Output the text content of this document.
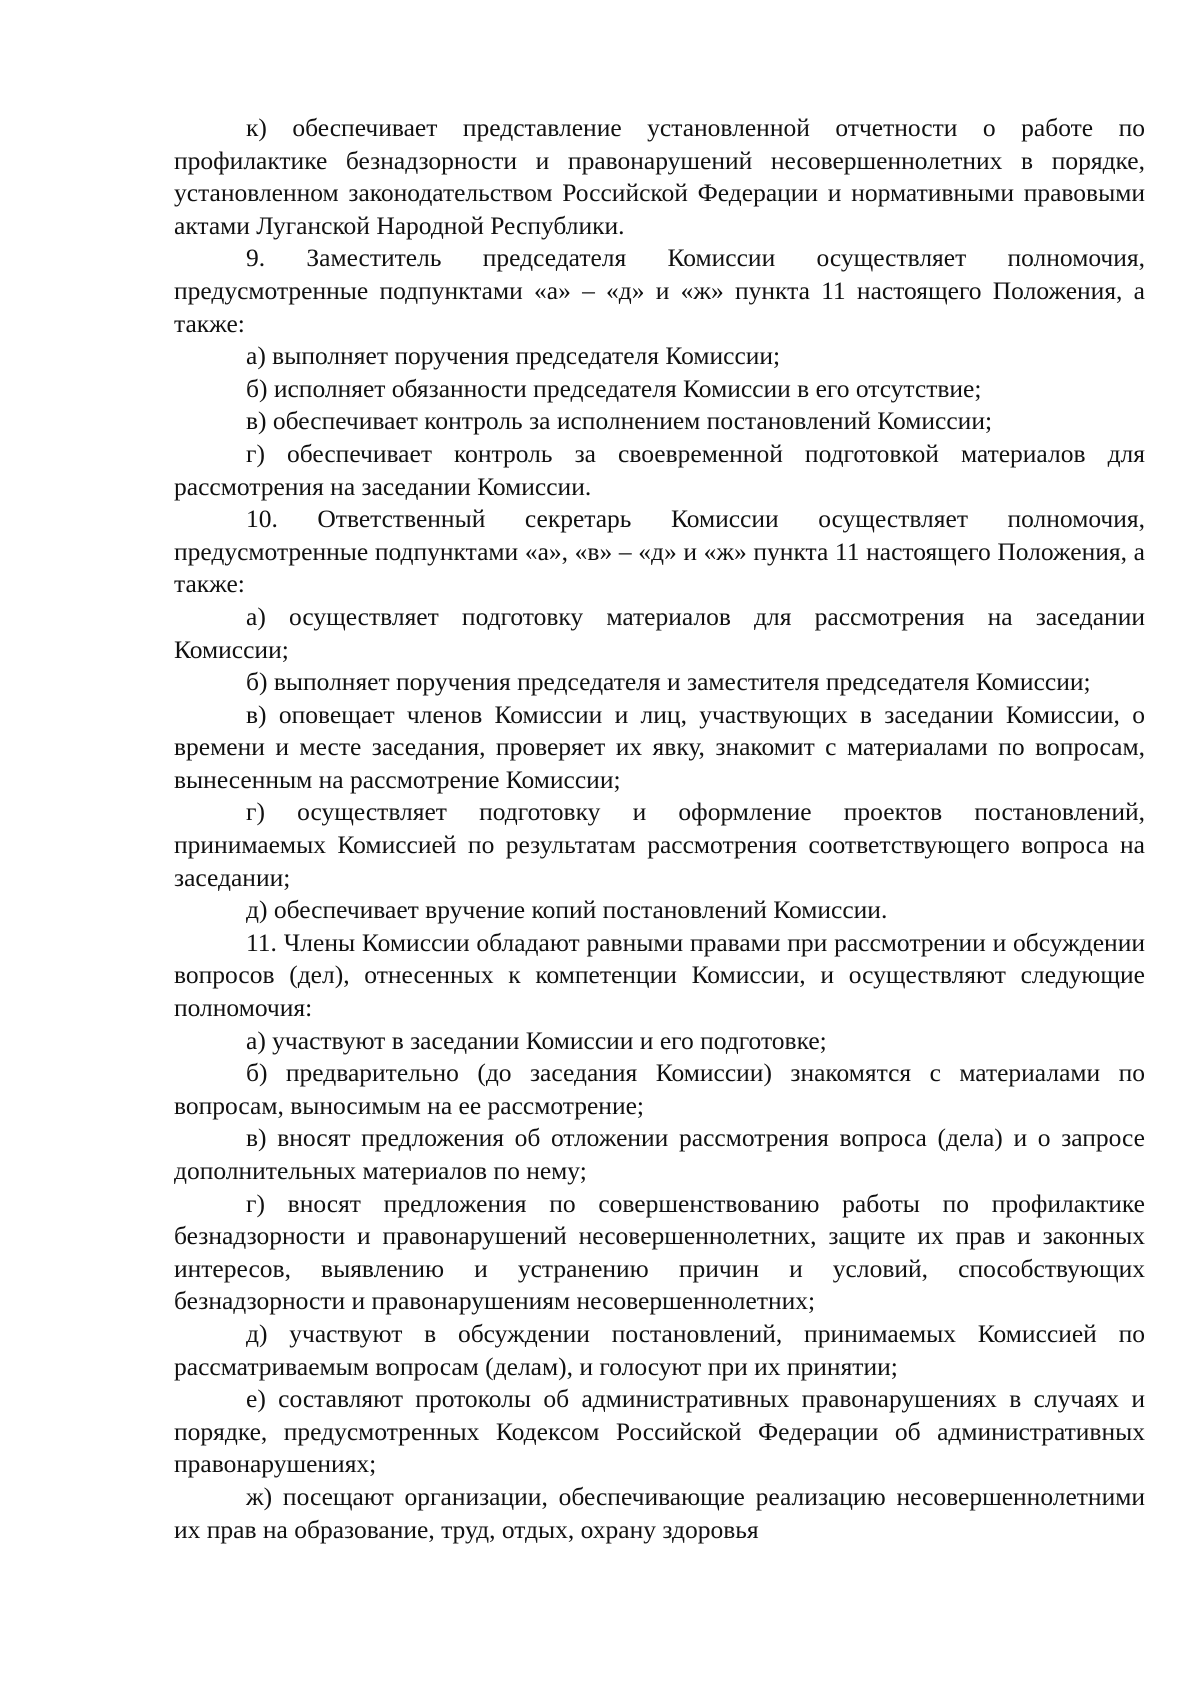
к) обеспечивает представление установленной отчетности о работе по профилактике безнадзорности и правонарушений несовершеннолетних в порядке, установленном законодательством Российской Федерации и нормативными правовыми актами Луганской Народной Республики.

9. Заместитель председателя Комиссии осуществляет полномочия, предусмотренные подпунктами «а» – «д» и «ж» пункта 11 настоящего Положения, а также:

а) выполняет поручения председателя Комиссии;

б) исполняет обязанности председателя Комиссии в его отсутствие;

в) обеспечивает контроль за исполнением постановлений Комиссии;

г) обеспечивает контроль за своевременной подготовкой материалов для рассмотрения на заседании Комиссии.

10. Ответственный секретарь Комиссии осуществляет полномочия, предусмотренные подпунктами «а», «в» – «д» и «ж» пункта 11 настоящего Положения, а также:

а) осуществляет подготовку материалов для рассмотрения на заседании Комиссии;

б) выполняет поручения председателя и заместителя председателя Комиссии;

в) оповещает членов Комиссии и лиц, участвующих в заседании Комиссии, о времени и месте заседания, проверяет их явку, знакомит с материалами по вопросам, вынесенным на рассмотрение Комиссии;

г) осуществляет подготовку и оформление проектов постановлений, принимаемых Комиссией по результатам рассмотрения соответствующего вопроса на заседании;

д) обеспечивает вручение копий постановлений Комиссии.

11. Члены Комиссии обладают равными правами при рассмотрении и обсуждении вопросов (дел), отнесенных к компетенции Комиссии, и осуществляют следующие полномочия:

а) участвуют в заседании Комиссии и его подготовке;

б) предварительно (до заседания Комиссии) знакомятся с материалами по вопросам, выносимым на ее рассмотрение;

в) вносят предложения об отложении рассмотрения вопроса (дела) и о запросе дополнительных материалов по нему;

г) вносят предложения по совершенствованию работы по профилактике безнадзорности и правонарушений несовершеннолетних, защите их прав и законных интересов, выявлению и устранению причин и условий, способствующих безнадзорности и правонарушениям несовершеннолетних;

д) участвуют в обсуждении постановлений, принимаемых Комиссией по рассматриваемым вопросам (делам), и голосуют при их принятии;

е) составляют протоколы об административных правонарушениях в случаях и порядке, предусмотренных Кодексом Российской Федерации об административных правонарушениях;

ж) посещают организации, обеспечивающие реализацию несовершеннолетними их прав на образование, труд, отдых, охрану здоровья
